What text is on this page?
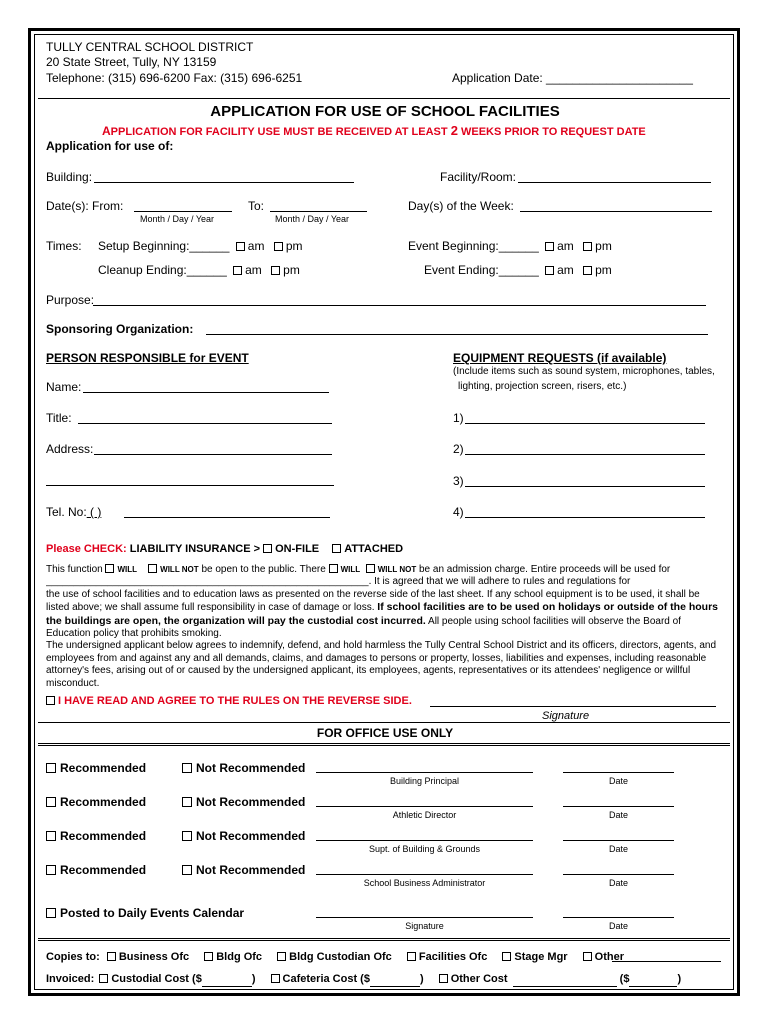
TULLY CENTRAL SCHOOL DISTRICT
20 State Street, Tully, NY 13159
Telephone: (315) 696-6200 Fax: (315) 696-6251	Application Date: ______________________
APPLICATION FOR USE OF SCHOOL FACILITIES
APPLICATION FOR FACILITY USE MUST BE RECEIVED AT LEAST 2 WEEKS PRIOR TO REQUEST DATE
Application for use of:
Building:	Facility/Room:
Date(s): From:	To:
Month / Day / Year	Month / Day / Year
Day(s) of the Week:
Times: Setup Beginning:______ am pm	Event Beginning:______ am pm
Cleanup Ending:______ am pm	Event Ending:______ am pm
Purpose:
Sponsoring Organization:
PERSON RESPONSIBLE for EVENT
Name:
Title:
Address:
Tel. No: ( )
EQUIPMENT REQUESTS (if available)
(Include items such as sound system, microphones, tables,
lighting, projection screen, risers, etc.)
1)
2)
3)
4)
Please CHECK: LIABILITY INSURANCE > ON-FILE ATTACHED

This function WILL	WILL NOT be open to the public. There WILL WILL NOT be an admission charge. Entire proceeds will be used for

__________________________________________________________. It is agreed that we will adhere to rules and regulations for

the use of school facilities and to education laws as presented on the reverse side of the last sheet. If any school equipment is to be used, it shall be

listed above; we shall assume full responsibility in case of damage or loss. If school facilities are to be used on holidays or outside of the hours

the buildings are open, the organization will pay the custodial cost incurred. All people using school facilities will observe the Board of

Education policy that prohibits smoking.

The undersigned applicant below agrees to indemnify, defend, and hold harmless the Tully Central School District and its officers, directors, agents, and employees from and against any and all demands, claims, and damages to persons or property, losses, liabilities and expenses, including reasonable attorney's fees, arising out of or caused by the undersigned applicant, its employees, agents, representatives or its attendees' negligence or willful misconduct.

I HAVE READ AND AGREE TO THE RULES ON THE REVERSE SIDE.
Signature
FOR OFFICE USE ONLY
Recommended	Not Recommended
Building Principal	Date
Recommended	Not Recommended
Athletic Director	Date
Recommended	Not Recommended
Supt. of Building & Grounds	Date
Recommended	Not Recommended
School Business Administrator	Date
Posted to Daily Events Calendar
Signature	Date
Copies to: Business Ofc Bldg Ofc Bldg Custodian Ofc Facilities Ofc Stage Mgr Other
Invoiced: Custodial Cost ($	) Cafeteria Cost ($	) Other Cost	($	)
